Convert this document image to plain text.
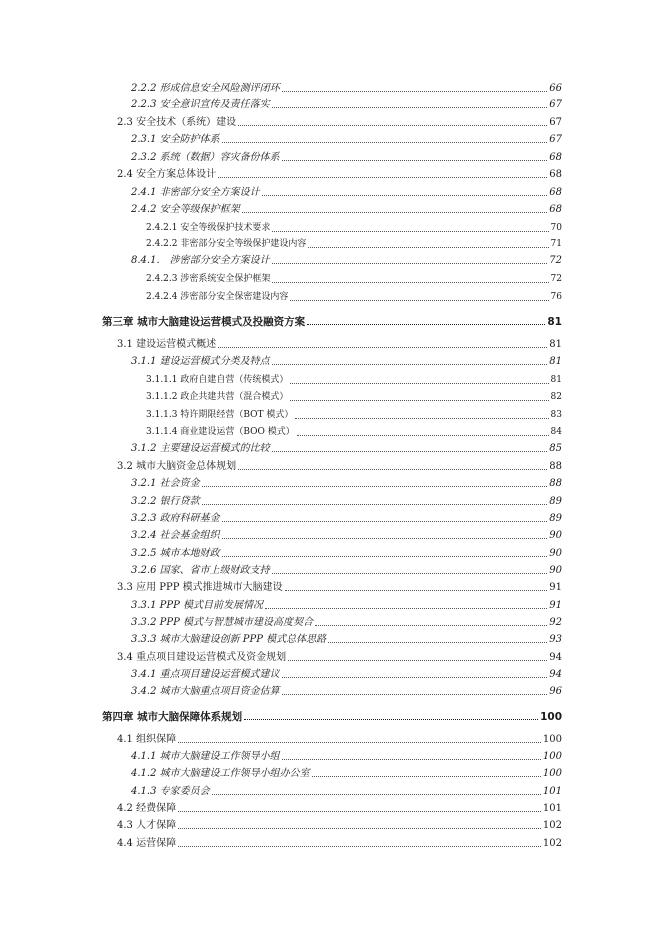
2.2.2 形成信息安全风险测评闭环	66
2.2.3 安全意识宣传及责任落实	67
2.3 安全技术（系统）建设	67
2.3.1 安全防护体系	67
2.3.2 系统（数据）容灾备份体系	68
2.4 安全方案总体设计	68
2.4.1 非密部分安全方案设计	68
2.4.2 安全等级保护框架	68
2.4.2.1 安全等级保护技术要求	70
2.4.2.2 非密部分安全等级保护建设内容	71
8.4.1.　涉密部分安全方案设计	72
2.4.2.3 涉密系统安全保护框架	72
2.4.2.4 涉密部分安全保密建设内容	76
第三章 城市大脑建设运营模式及投融资方案	81
3.1 建设运营模式概述	81
3.1.1 建设运营模式分类及特点	81
3.1.1.1 政府自建自营（传统模式）	81
3.1.1.2 政企共建共营（混合模式）	82
3.1.1.3 特许期限经营（BOT 模式）	83
3.1.1.4 商业建设运营（BOO 模式）	84
3.1.2 主要建设运营模式的比较	85
3.2 城市大脑资金总体规划	88
3.2.1 社会资金	88
3.2.2 银行贷款	89
3.2.3 政府科研基金	89
3.2.4 社会基金组织	90
3.2.5 城市本地财政	90
3.2.6 国家、省市上级财政支持	90
3.3 应用 PPP 模式推进城市大脑建设	91
3.3.1 PPP 模式目前发展情况	91
3.3.2 PPP 模式与智慧城市建设高度契合	92
3.3.3 城市大脑建设创新 PPP 模式总体思路	93
3.4 重点项目建设运营模式及资金规划	94
3.4.1 重点项目建设运营模式建议	94
3.4.2 城市大脑重点项目资金估算	96
第四章 城市大脑保障体系规划	100
4.1 组织保障	100
4.1.1 城市大脑建设工作领导小组	100
4.1.2 城市大脑建设工作领导小组办公室	100
4.1.3 专家委员会	101
4.2 经费保障	101
4.3 人才保障	102
4.4 运营保障	102
